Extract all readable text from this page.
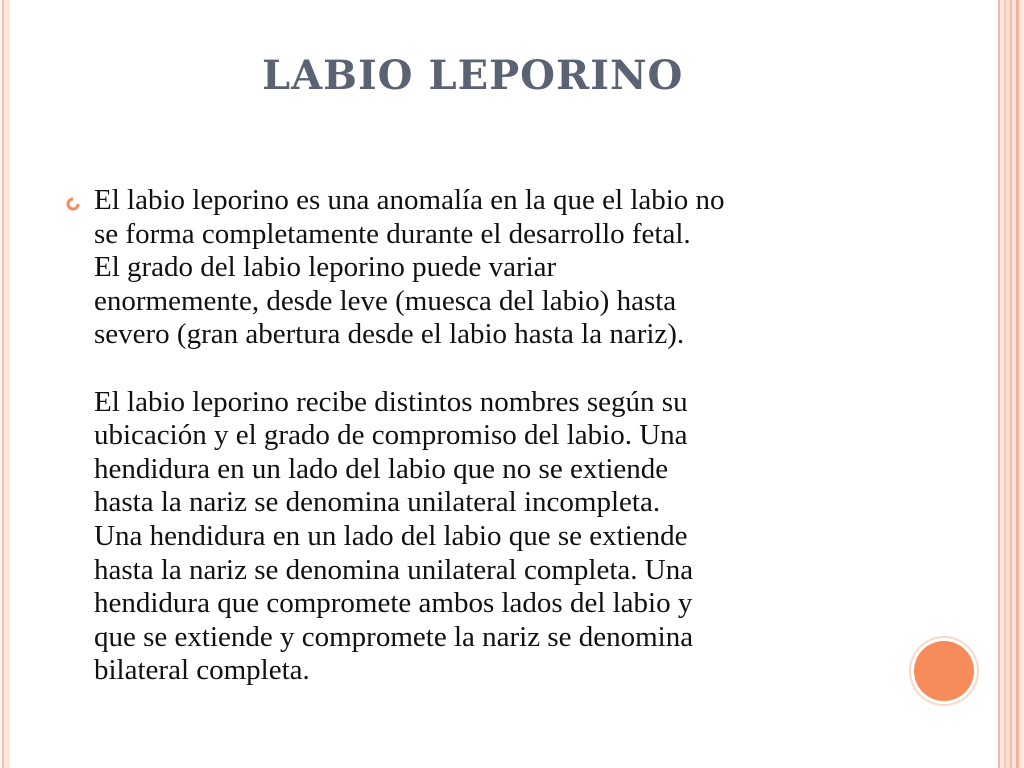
LABIO LEPORINO

El labio leporino es una anomalía en la que el labio no
se forma completamente durante el desarrollo fetal.
El grado del labio leporino puede variar
enormemente, desde leve (muesca del labio) hasta
severo (gran abertura desde el labio hasta la nariz).

El labio leporino recibe distintos nombres según su
ubicación y el grado de compromiso del labio. Una
hendidura en un lado del labio que no se extiende
hasta la nariz se denomina unilateral incompleta.
Una hendidura en un lado del labio que se extiende
hasta la nariz se denomina unilateral completa. Una
hendidura que compromete ambos lados del labio y
que se extiende y compromete la nariz se denomina
bilateral completa.
